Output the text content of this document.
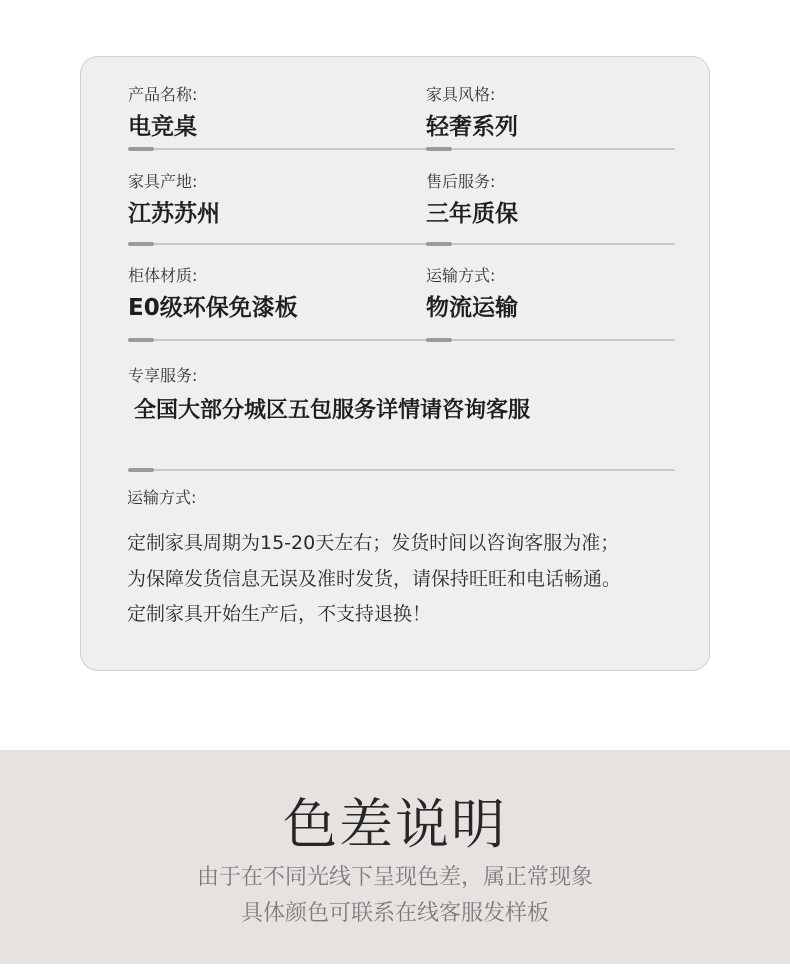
产品名称:
电竞桌
家具风格:
轻奢系列
家具产地:
江苏苏州
售后服务:
三年质保
柜体材质:
E0级环保免漆板
运输方式:
物流运输
专享服务:
全国大部分城区五包服务详情请咨询客服
运输方式:
定制家具周期为15-20天左右；发货时间以咨询客服为准；
为保障发货信息无误及准时发货，请保持旺旺和电话畅通。
定制家具开始生产后，不支持退换！
色差说明
由于在不同光线下呈现色差，属正常现象
具体颜色可联系在线客服发样板
